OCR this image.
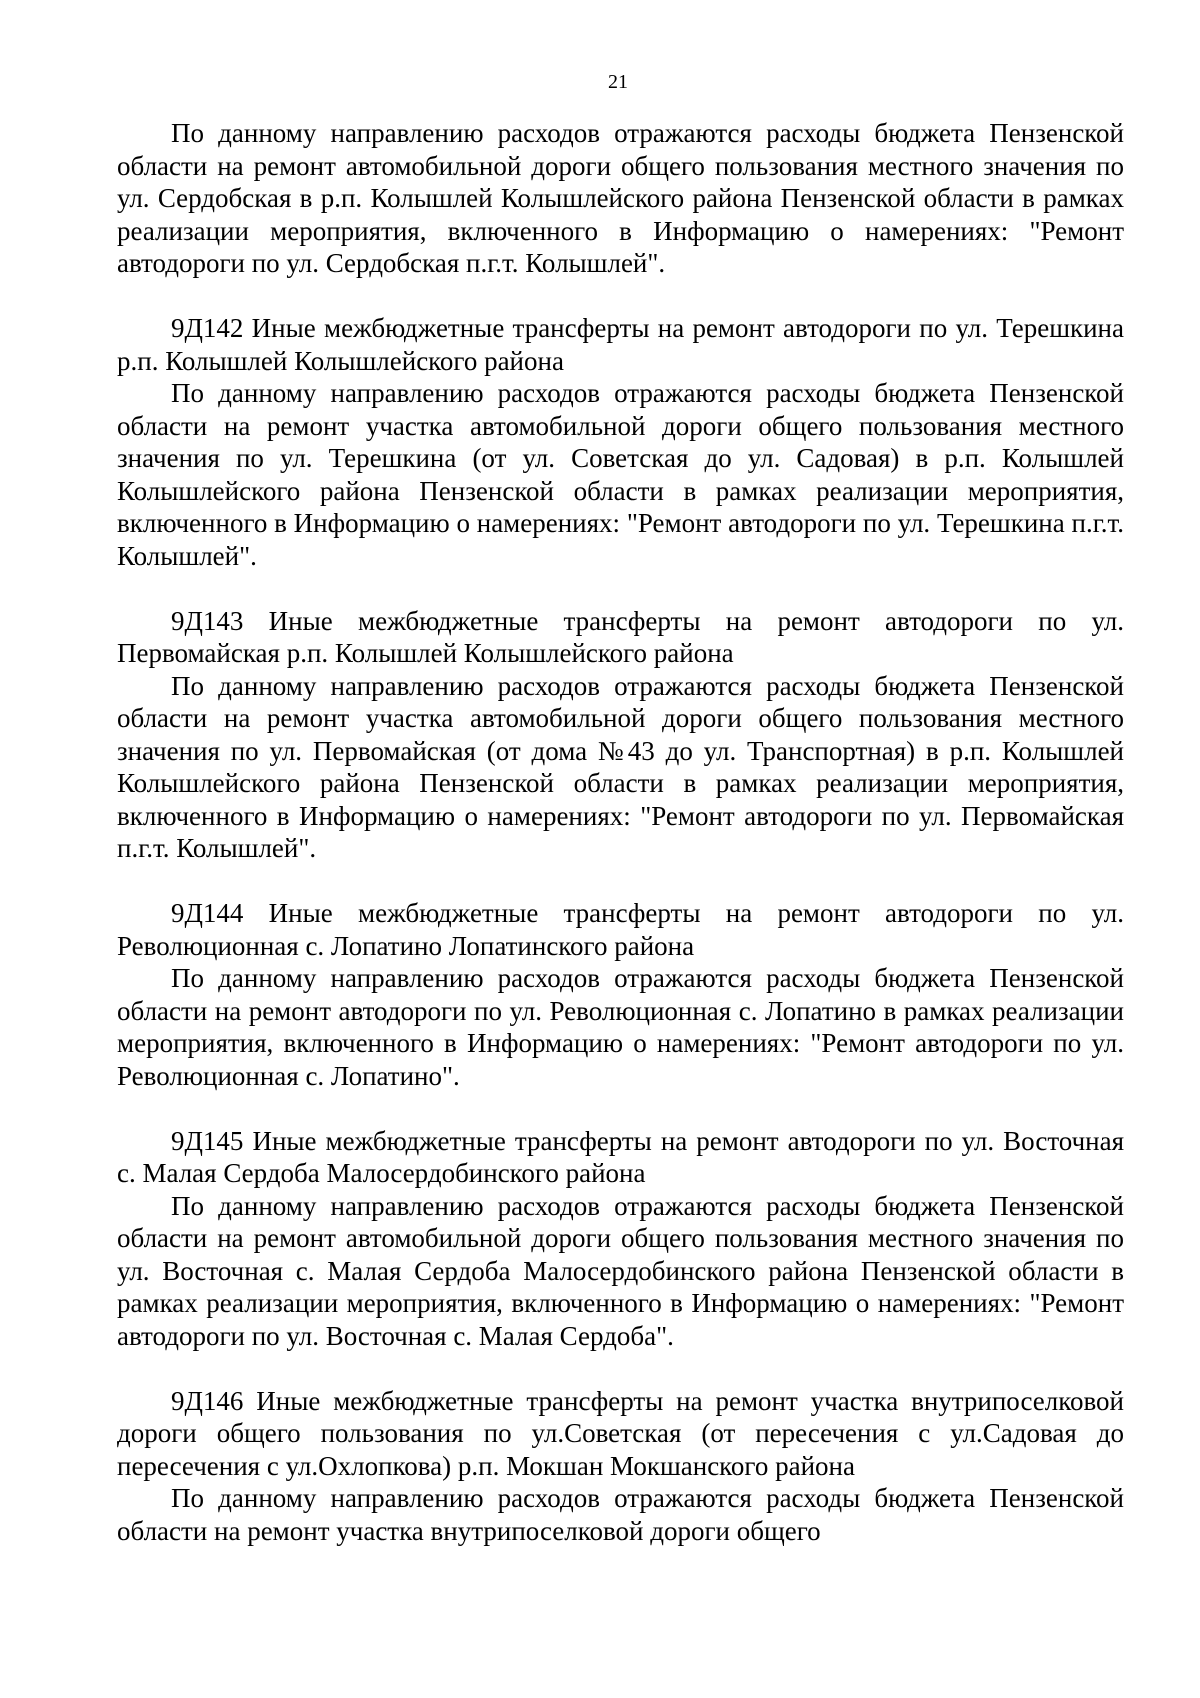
21

По данному направлению расходов отражаются расходы бюджета Пензенской области на ремонт автомобильной дороги общего пользования местного значения по ул. Сердобская в р.п. Колышлей Колышлейского района Пензенской области в рамках реализации мероприятия, включенного в Информацию о намерениях: "Ремонт автодороги по ул. Сердобская п.г.т. Колышлей".

9Д142 Иные межбюджетные трансферты на ремонт автодороги по ул. Терешкина р.п. Колышлей Колышлейского района

По данному направлению расходов отражаются расходы бюджета Пензенской области на ремонт участка автомобильной дороги общего пользования местного значения по ул. Терешкина (от ул. Советская до ул. Садовая) в р.п. Колышлей Колышлейского района Пензенской области в рамках реализации мероприятия, включенного в Информацию о намерениях: "Ремонт автодороги по ул. Терешкина п.г.т. Колышлей".

9Д143 Иные межбюджетные трансферты на ремонт автодороги по ул. Первомайская р.п. Колышлей Колышлейского района

По данному направлению расходов отражаются расходы бюджета Пензенской области на ремонт участка автомобильной дороги общего пользования местного значения по ул. Первомайская (от дома №43 до ул. Транспортная) в р.п. Колышлей Колышлейского района Пензенской области в рамках реализации мероприятия, включенного в Информацию о намерениях: "Ремонт автодороги по ул. Первомайская п.г.т. Колышлей".

9Д144 Иные межбюджетные трансферты на ремонт автодороги по ул. Революционная с. Лопатино Лопатинского района

По данному направлению расходов отражаются расходы бюджета Пензенской области на ремонт автодороги по ул. Революционная с. Лопатино в рамках реализации мероприятия, включенного в Информацию о намерениях: "Ремонт автодороги по ул. Революционная с. Лопатино".

9Д145 Иные межбюджетные трансферты на ремонт автодороги по ул. Восточная с. Малая Сердоба Малосердобинского района

По данному направлению расходов отражаются расходы бюджета Пензенской области на ремонт автомобильной дороги общего пользования местного значения по ул. Восточная с. Малая Сердоба Малосердобинского района Пензенской области в рамках реализации мероприятия, включенного в Информацию о намерениях: "Ремонт автодороги по ул. Восточная с. Малая Сердоба".

9Д146 Иные межбюджетные трансферты на ремонт участка внутрипоселковой дороги общего пользования по ул.Советская (от пересечения с ул.Садовая до пересечения с ул.Охлопкова) р.п. Мокшан Мокшанского района

По данному направлению расходов отражаются расходы бюджета Пензенской области на ремонт участка внутрипоселковой дороги общего
